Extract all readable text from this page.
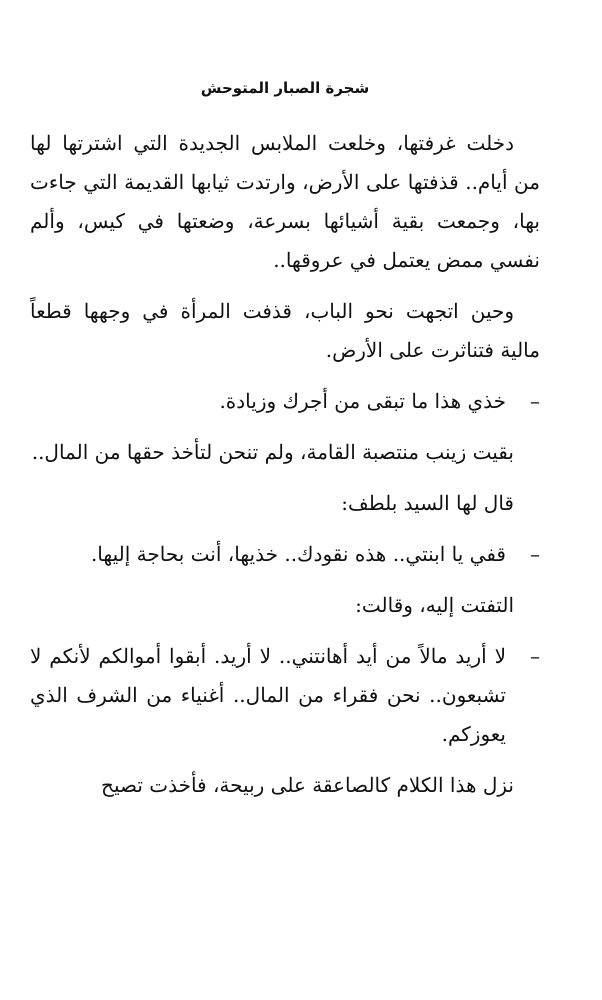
شجرة الصبار المتوحش

دخلت غرفتها، وخلعت الملابس الجديدة التي اشترتها لها من أيام.. قذفتها على الأرض، وارتدت ثيابها القديمة التي جاءت بها، وجمعت بقية أشيائها بسرعة، وضعتها في كيس، وألم نفسي ممض يعتمل في عروقها..

وحين اتجهت نحو الباب، قذفت المرأة في وجهها قطعاً مالية فتناثرت على الأرض.

–
خذي هذا ما تبقى من أجرك وزيادة.

بقيت زينب منتصبة القامة، ولم تنحن لتأخذ حقها من المال..

قال لها السيد بلطف:

–
قفي يا ابنتي.. هذه نقودك.. خذيها، أنت بحاجة إليها.

التفتت إليه، وقالت:

–
لا أريد مالاً من أيد أهانتني.. لا أريد. أبقوا أموالكم لأنكم لا تشبعون.. نحن فقراء من المال.. أغنياء من الشرف الذي يعوزكم.

نزل هذا الكلام كالصاعقة على ربيحة، فأخذت تصيح
